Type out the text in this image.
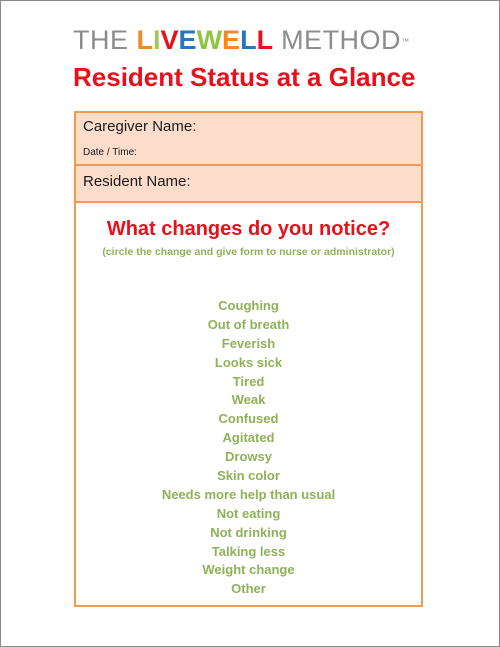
THE LIVEWELL METHOD™
Resident Status at a Glance
Caregiver Name:
Date / Time:
Resident Name:
What changes do you notice?
(circle the change and give form to nurse or administrator)
Coughing
Out of breath
Feverish
Looks sick
Tired
Weak
Confused
Agitated
Drowsy
Skin color
Needs more help than usual
Not eating
Not drinking
Talking less
Weight change
Other
